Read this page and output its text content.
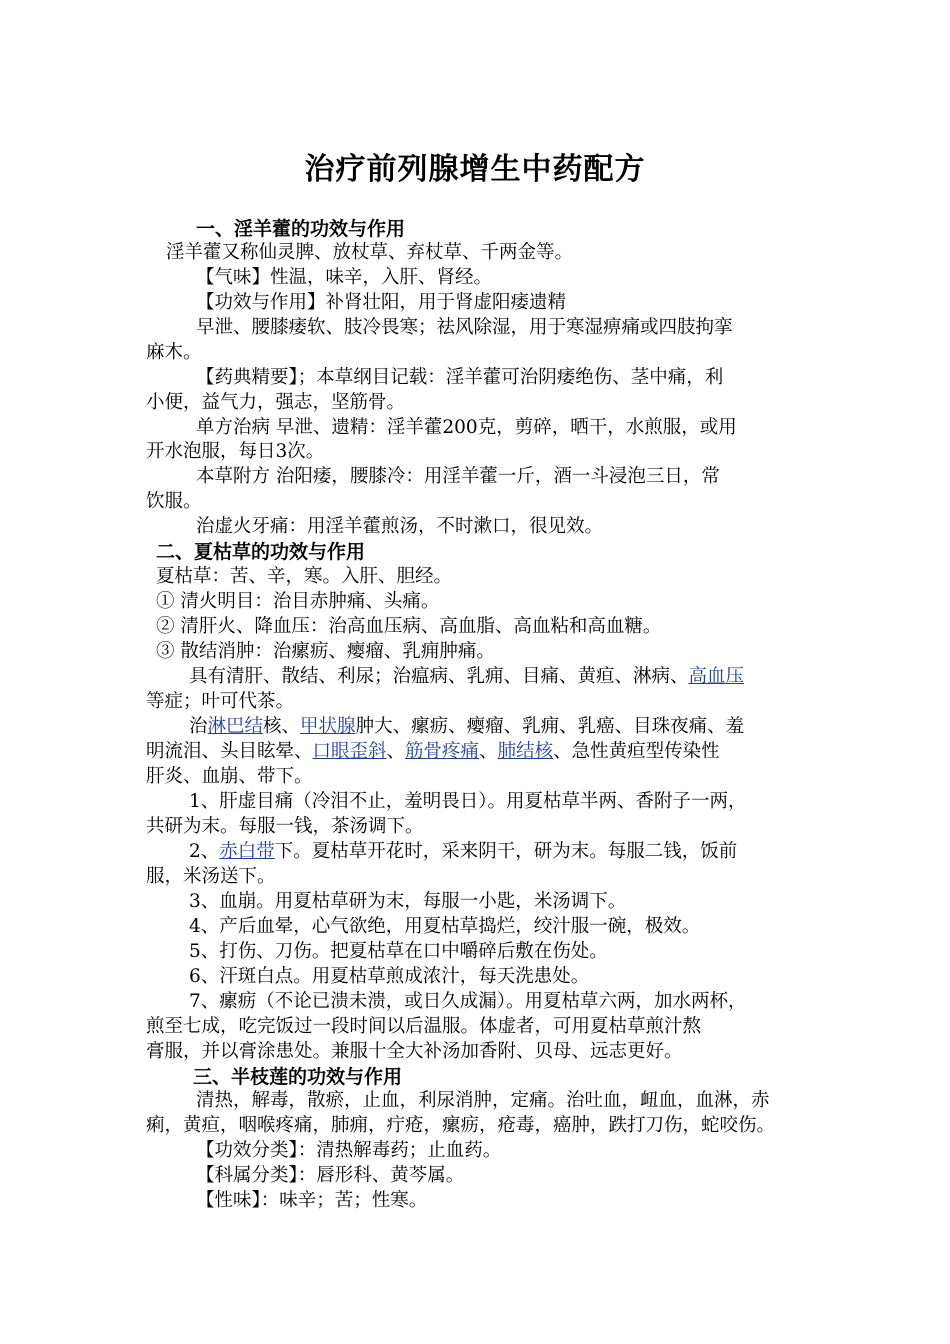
治疗前列腺增生中药配方
一、淫羊藿的功效与作用
淫羊藿又称仙灵脾、放杖草、弃杖草、千两金等。
【气味】性温，味辛，入肝、肾经。
【功效与作用】补肾壮阳，用于肾虚阳痿遗精
早泄、腰膝痿软、肢冷畏寒；祛风除湿，用于寒湿痹痛或四肢拘挛
麻木。
【药典精要】；本草纲目记载：淫羊藿可治阴痿绝伤、茎中痛，利
小便，益气力，强志，坚筋骨。
单方治病 早泄、遗精：淫羊藿200克，剪碎，晒干，水煎服，或用
开水泡服，每日3次。
本草附方 治阳痿，腰膝冷：用淫羊藿一斤，酒一斗浸泡三日，常
饮服。
治虚火牙痛：用淫羊藿煎汤，不时漱口，很见效。
二、夏枯草的功效与作用
夏枯草：苦、辛，寒。入肝、胆经。
① 清火明目：治目赤肿痛、头痛。
② 清肝火、降血压：治高血压病、高血脂、高血粘和高血糖。
③ 散结消肿：治瘰疬、瘿瘤、乳痈肿痛。
具有清肝、散结、利尿；治瘟病、乳痈、目痛、黄疸、淋病、高血压
等症；叶可代茶。
治淋巴结核、甲状腺肿大、瘰疬、瘿瘤、乳痈、乳癌、目珠夜痛、羞
明流泪、头目眩晕、口眼歪斜、筋骨疼痛、肺结核、急性黄疸型传染性
肝炎、血崩、带下。
1、肝虚目痛（冷泪不止，羞明畏日）。用夏枯草半两、香附子一两，
共研为末。每服一钱，茶汤调下。
2、赤白带下。夏枯草开花时，采来阴干，研为末。每服二钱，饭前
服，米汤送下。
3、血崩。用夏枯草研为末，每服一小匙，米汤调下。
4、产后血晕，心气欲绝，用夏枯草捣烂，绞汁服一碗，极效。
5、打伤、刀伤。把夏枯草在口中嚼碎后敷在伤处。
6、汗斑白点。用夏枯草煎成浓汁，每天洗患处。
7、瘰疬（不论已溃未溃，或日久成漏）。用夏枯草六两，加水两杯，
煎至七成，吃完饭过一段时间以后温服。体虚者，可用夏枯草煎汁熬
膏服，并以膏涂患处。兼服十全大补汤加香附、贝母、远志更好。
三、半枝莲的功效与作用
清热，解毒，散瘀，止血，利尿消肿，定痛。治吐血，衄血，血淋，赤
痢，黄疸，咽喉疼痛，肺痈，疔疮，瘰疬，疮毒，癌肿，跌打刀伤，蛇咬伤。
【功效分类】：清热解毒药；止血药。
【科属分类】：唇形科、黄芩属。
【性味】：味辛；苦；性寒。
